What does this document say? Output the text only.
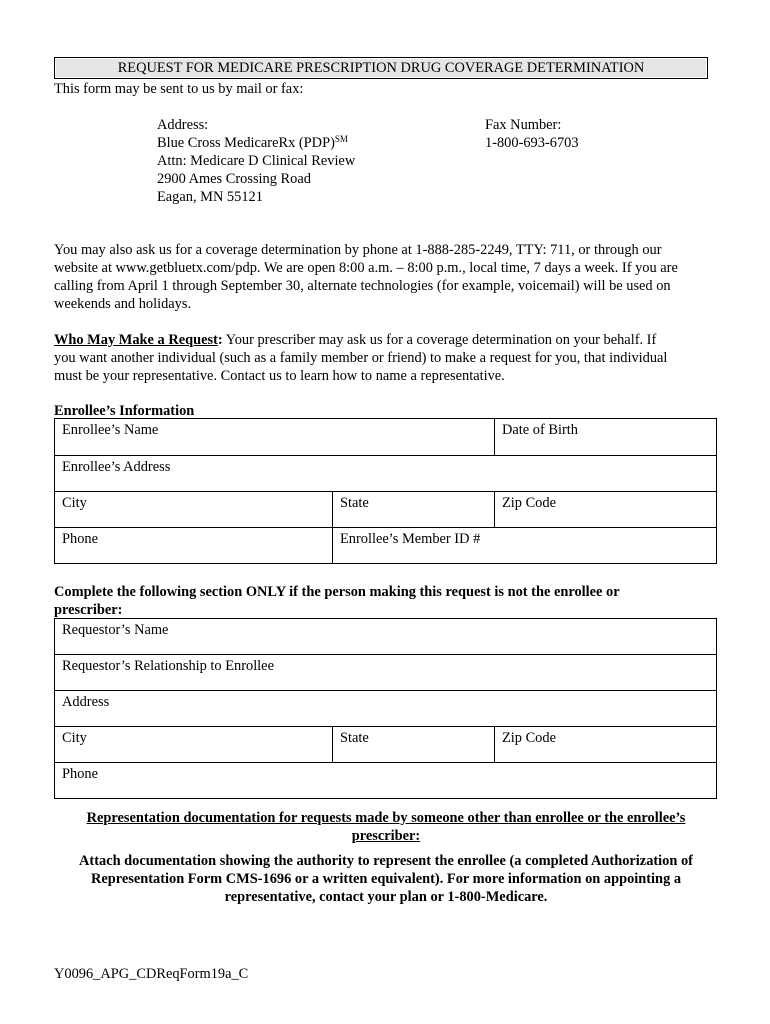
REQUEST FOR MEDICARE PRESCRIPTION DRUG COVERAGE DETERMINATION
This form may be sent to us by mail or fax:
Address:
Blue Cross MedicareRx (PDP)℠
Attn: Medicare D Clinical Review
2900 Ames Crossing Road
Eagan, MN 55121
Fax Number:
1-800-693-6703
You may also ask us for a coverage determination by phone at 1-888-285-2249, TTY: 711, or through our
website at www.getbluetx.com/pdp. We are open 8:00 a.m. – 8:00 p.m., local time, 7 days a week. If you are
calling from April 1 through September 30, alternate technologies (for example, voicemail) will be used on
weekends and holidays.
Who May Make a Request: Your prescriber may ask us for a coverage determination on your behalf. If
you want another individual (such as a family member or friend) to make a request for you, that individual
must be your representative. Contact us to learn how to name a representative.
Enrollee’s Information
Enrollee’s Name		Date of Birth
Enrollee’s Address		
City	State	Zip Code
Phone	Enrollee’s Member ID #	
Complete the following section ONLY if the person making this request is not the enrollee or
prescriber:
Requestor’s Name
Requestor’s Relationship to Enrollee
Address
City	State	Zip Code
Phone
Representation documentation for requests made by someone other than enrollee or the enrollee’s
prescriber:
Attach documentation showing the authority to represent the enrollee (a completed Authorization of
Representation Form CMS-1696 or a written equivalent). For more information on appointing a
representative, contact your plan or 1-800-Medicare.
Y0096_APG_CDReqForm19a_C
